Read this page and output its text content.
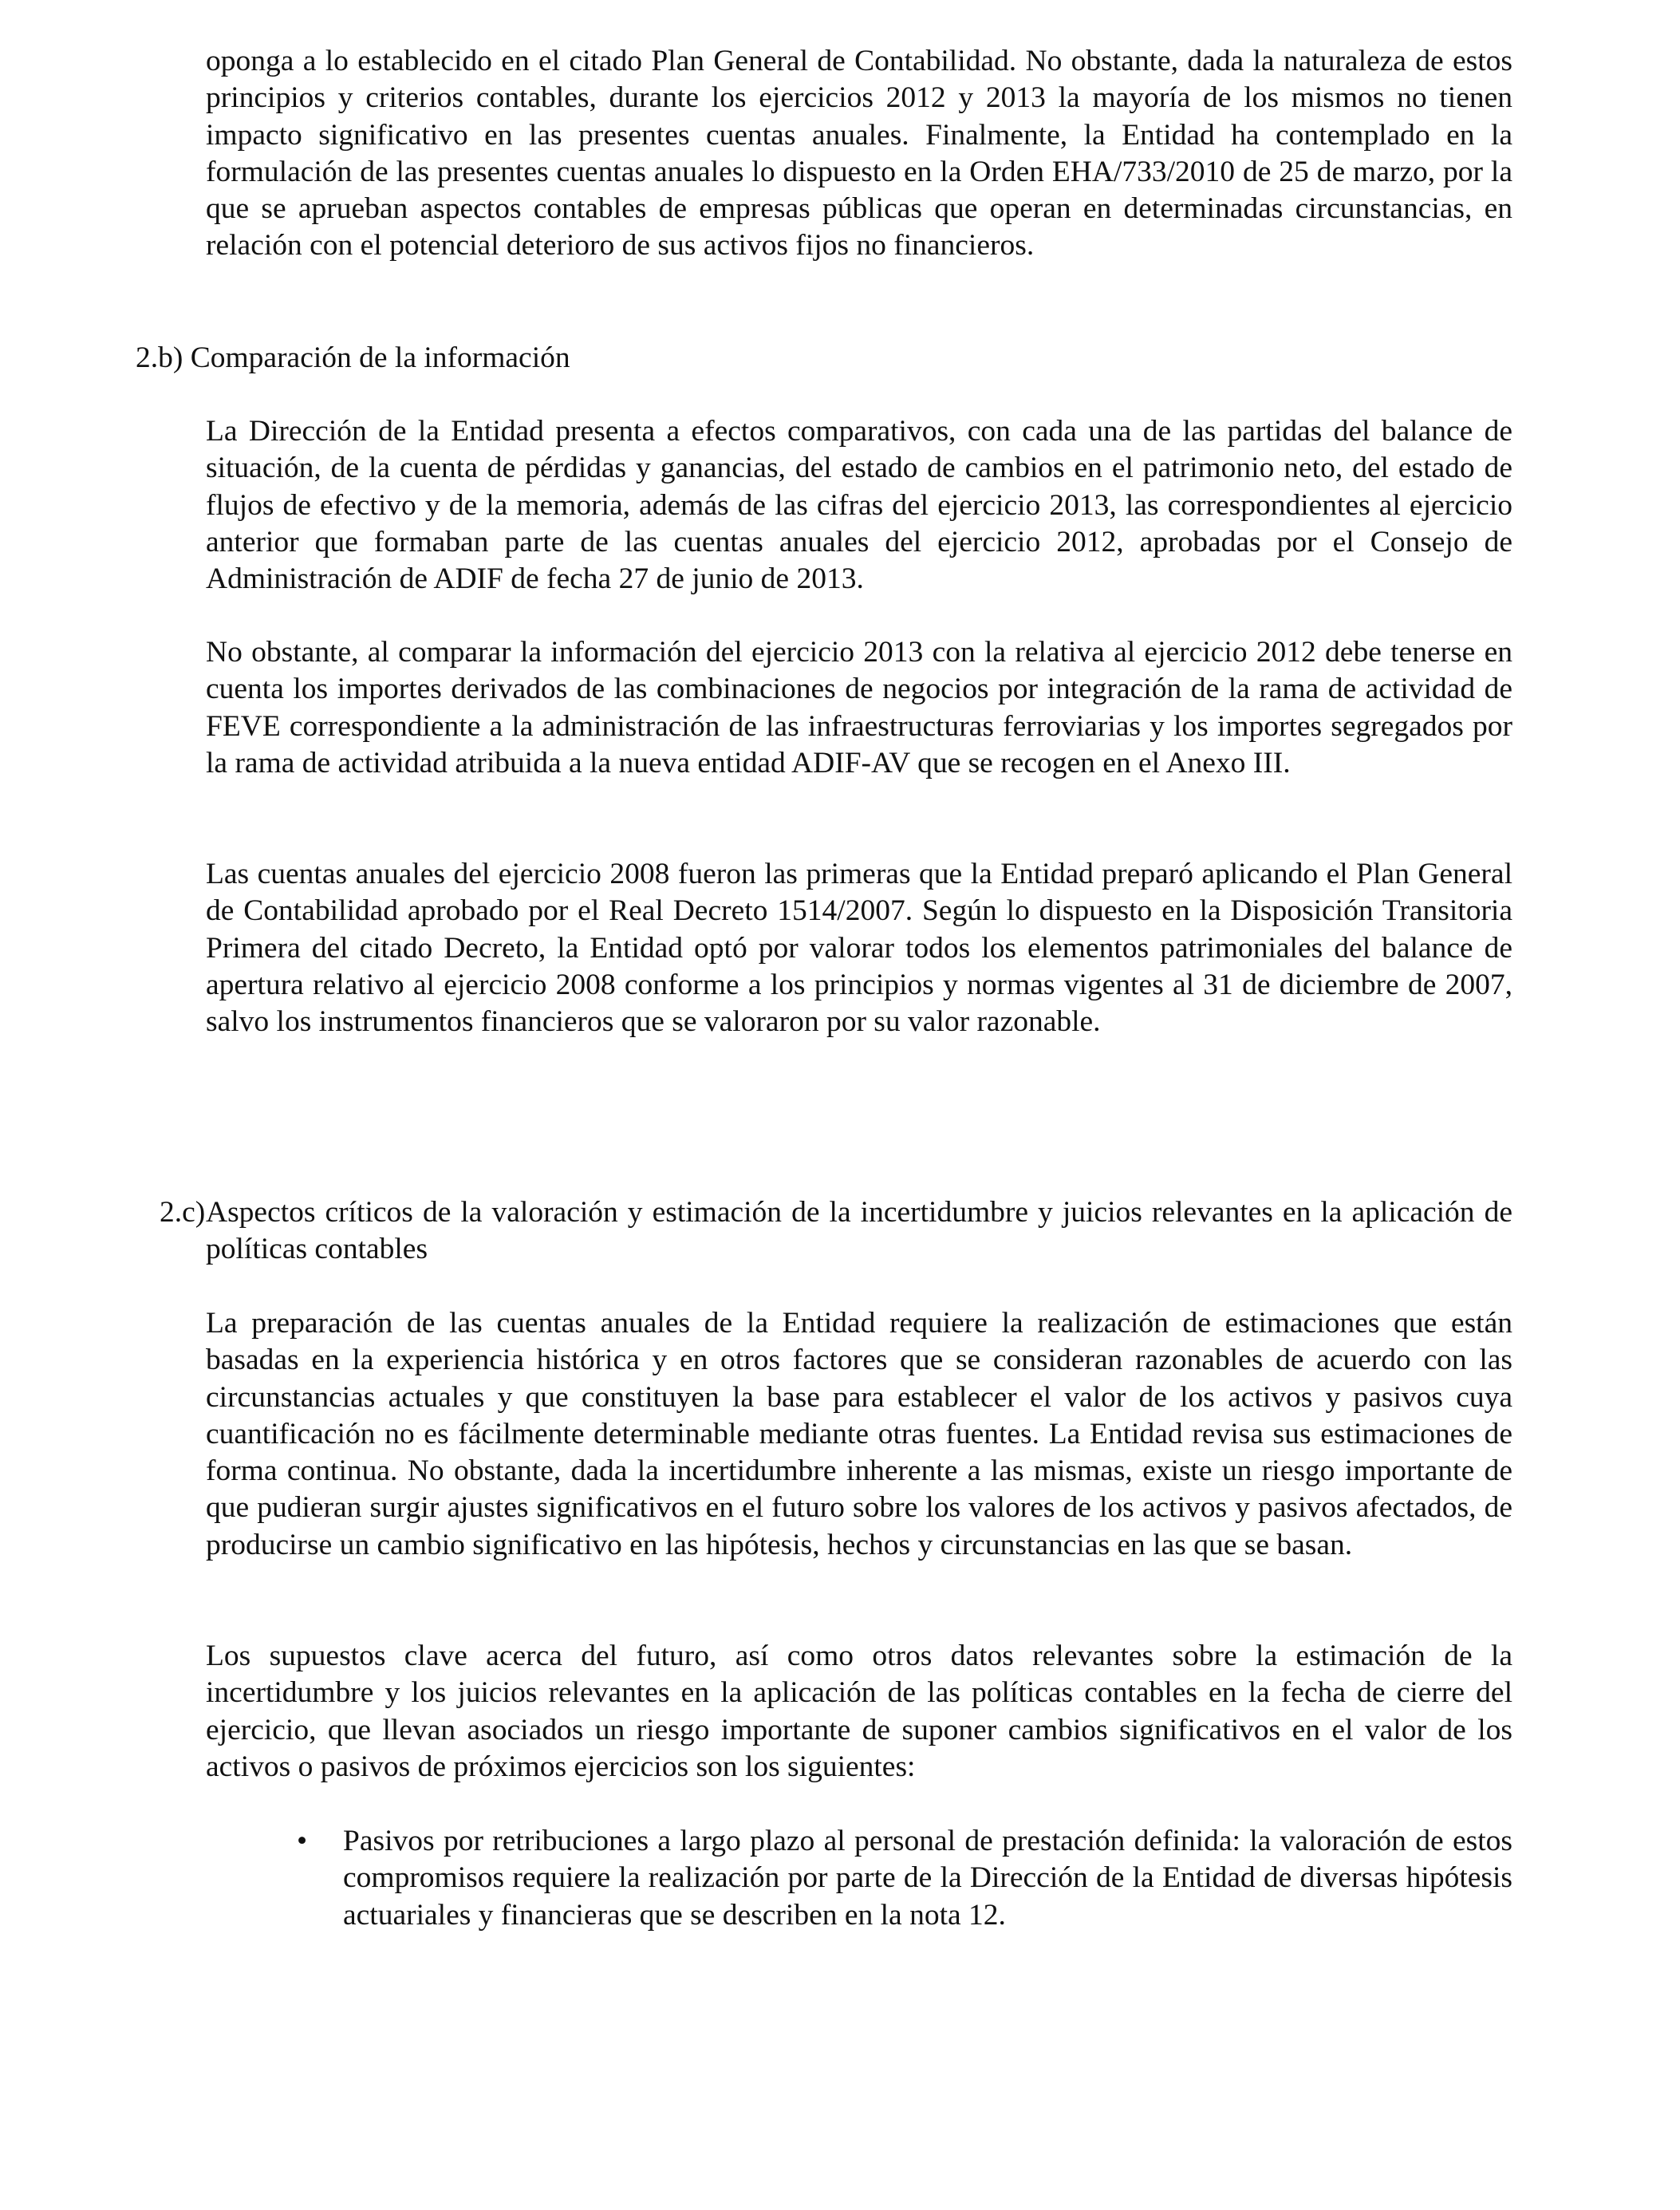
oponga a lo establecido en el citado Plan General de Contabilidad. No obstante, dada la naturaleza de estos principios y criterios contables, durante los ejercicios 2012 y 2013 la mayoría de los mismos no tienen impacto significativo en las presentes cuentas anuales. Finalmente, la Entidad ha contemplado en la formulación de las presentes cuentas anuales lo dispuesto en la Orden EHA/733/2010 de 25 de marzo, por la que se aprueban aspectos contables de empresas públicas que operan en determinadas circunstancias, en relación con el potencial deterioro de sus activos fijos no financieros.

2.b) Comparación de la información

La Dirección de la Entidad presenta a efectos comparativos, con cada una de las partidas del balance de situación, de la cuenta de pérdidas y ganancias, del estado de cambios en el patrimonio neto, del estado de flujos de efectivo y de la memoria, además de las cifras del ejercicio 2013, las correspondientes al ejercicio anterior que formaban parte de las cuentas anuales del ejercicio 2012, aprobadas por el Consejo de Administración de ADIF de fecha 27 de junio de 2013.

No obstante, al comparar la información del ejercicio 2013 con la relativa al ejercicio 2012 debe tenerse en cuenta los importes derivados de las combinaciones de negocios por integración de la rama de actividad de FEVE correspondiente a la administración de las infraestructuras ferroviarias y los importes segregados por la rama de actividad atribuida a la nueva entidad ADIF-AV que se recogen en el Anexo III.

Las cuentas anuales del ejercicio 2008 fueron las primeras que la Entidad preparó aplicando el Plan General de Contabilidad aprobado por el Real Decreto 1514/2007. Según lo dispuesto en la Disposición Transitoria Primera del citado Decreto, la Entidad optó por valorar todos los elementos patrimoniales del balance de apertura relativo al ejercicio 2008 conforme a los principios y normas vigentes al 31 de diciembre de 2007, salvo los instrumentos financieros que se valoraron por su valor razonable.

2.c) Aspectos críticos de la valoración y estimación de la incertidumbre y juicios relevantes en la aplicación de políticas contables

La preparación de las cuentas anuales de la Entidad requiere la realización de estimaciones que están basadas en la experiencia histórica y en otros factores que se consideran razonables de acuerdo con las circunstancias actuales y que constituyen la base para establecer el valor de los activos y pasivos cuya cuantificación no es fácilmente determinable mediante otras fuentes. La Entidad revisa sus estimaciones de forma continua. No obstante, dada la incertidumbre inherente a las mismas, existe un riesgo importante de que pudieran surgir ajustes significativos en el futuro sobre los valores de los activos y pasivos afectados, de producirse un cambio significativo en las hipótesis, hechos y circunstancias en las que se basan.

Los supuestos clave acerca del futuro, así como otros datos relevantes sobre la estimación de la incertidumbre y los juicios relevantes en la aplicación de las políticas contables en la fecha de cierre del ejercicio, que llevan asociados un riesgo importante de suponer cambios significativos en el valor de los activos o pasivos de próximos ejercicios son los siguientes:

• Pasivos por retribuciones a largo plazo al personal de prestación definida: la valoración de estos compromisos requiere la realización por parte de la Dirección de la Entidad de diversas hipótesis actuariales y financieras que se describen en la nota 12.
